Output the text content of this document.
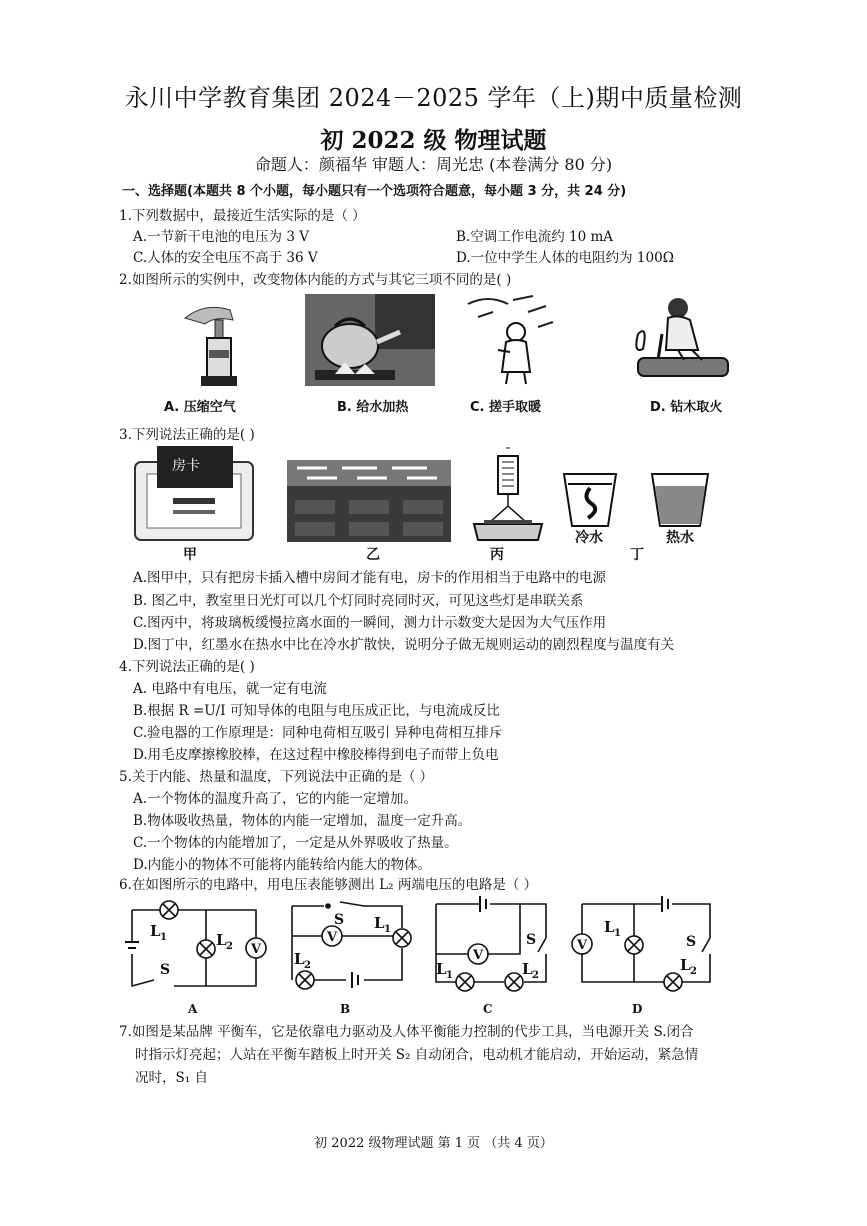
永川中学教育集团 2024－2025 学年（上)期中质量检测
初 2022 级 物理试题
命题人：颜福华 审题人：周光忠 (本卷满分 80 分)
一、选择题(本题共 8 个小题，每小题只有一个选项符合题意，每小题 3 分，共 24 分)
1.下列数据中，最接近生活实际的是（ ）
A.一节新干电池的电压为 3 V	B.空调工作电流约 10 mA
C.人体的安全电压不高于 36 V	D.一位中学生人体的电阻约为 100Ω
2.如图所示的实例中，改变物体内能的方式与其它三项不同的是( )
A. 压缩空气	B. 给水加热	C. 搓手取暖	D. 钻木取火
3.下列说法正确的是( )
房卡
甲	乙	丙
冷水
丁
热水
A.图甲中，只有把房卡插入槽中房间才能有电，房卡的作用相当于电路中的电源
B. 图乙中，教室里日光灯可以几个灯同时亮同时灭，可见这些灯是串联关系
C.图丙中，将玻璃板缓慢拉离水面的一瞬间，测力计示数变大是因为大气压作用
D.图丁中，红墨水在热水中比在冷水扩散快，说明分子做无规则运动的剧烈程度与温度有关
4.下列说法正确的是( )
A. 电路中有电压，就一定有电流
B.根据 R =U/I 可知导体的电阻与电压成正比，与电流成反比
C.验电器的工作原理是：同种电荷相互吸引 异种电荷相互排斥
D.用毛皮摩擦橡胶棒，在这过程中橡胶棒得到电子而带上负电
5.关于内能、热量和温度，下列说法中正确的是（ ）
A.一个物体的温度升高了，它的内能一定增加。
B.物体吸收热量，物体的内能一定增加，温度一定升高。
C.一个物体的内能增加了，一定是从外界吸收了热量。
D.内能小的物体不可能将内能转给内能大的物体。
6.在如图所示的电路中，用电压表能够测出 L₂ 两端电压的电路是（ ）
V
L 1	L 2
S
A
V
S L 1
L 2
B
V
S
L 1	L 2
C
V
L 1
S
L 2
D
7.如图是某品牌 平衡车，它是依靠电力驱动及人体平衡能力控制的代步工具，当电源开关 S.闭合
时指示灯亮起；人站在平衡车踏板上时开关 S₂ 自动闭合，电动机才能启动，开始运动，紧急情
况时，S₁ 自
初 2022 级物理试题 第 1 页 （共 4 页）
